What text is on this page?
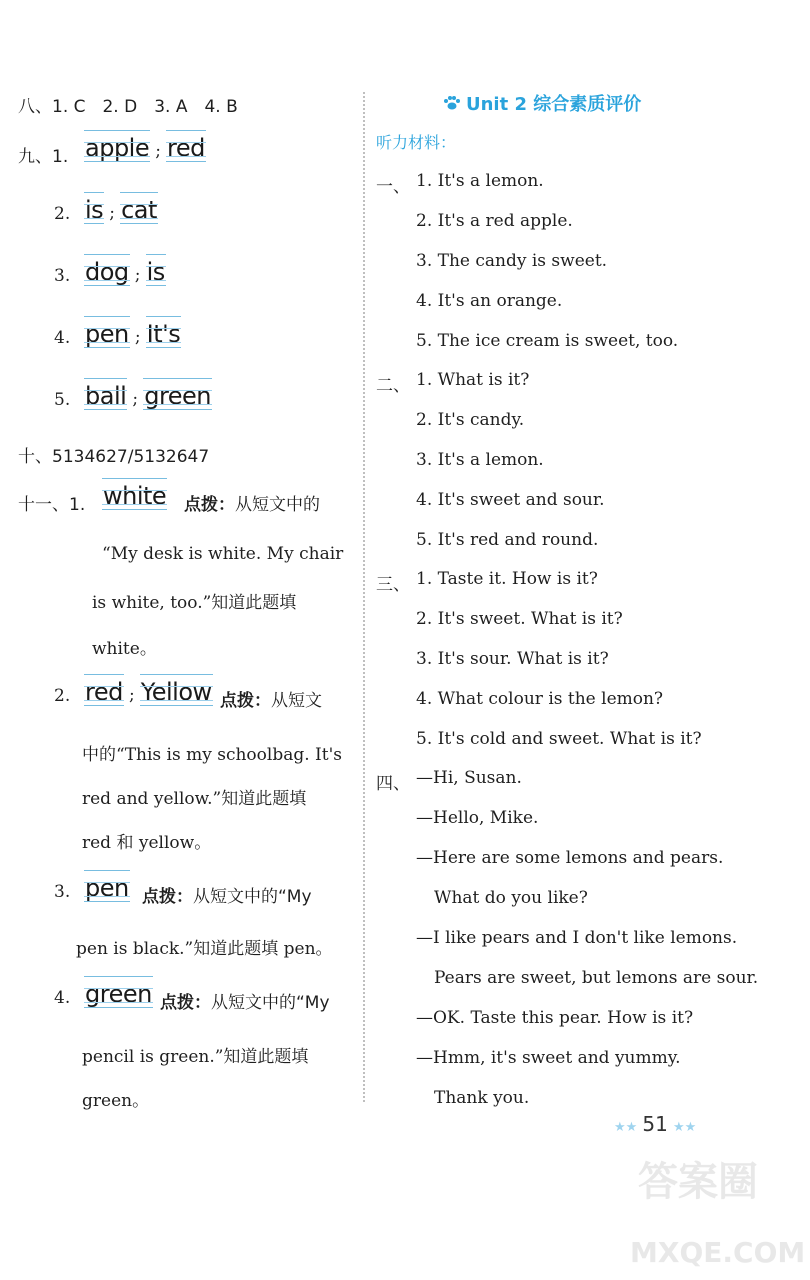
八、1. C　2. D　3. A　4. B
九、1. apple ; red
2. is ; cat
3. dog ; is
4. pen ; It's
5. ball ; green
十、5134627/5132647
十一、1. white 点拨：从短文中的
“My desk is white. My chair
is white, too.”知道此题填
white。
2. red ; Yellow 点拨：从短文
中的“This is my schoolbag. It's
red and yellow.”知道此题填
red 和 yellow。
3. pen 点拨：从短文中的“My
pen is black.”知道此题填 pen。
4. green 点拨：从短文中的“My
pencil is green.”知道此题填
green。
Unit 2 综合素质评价
听力材料：
一、 1. It's a lemon.
2. It's a red apple.
3. The candy is sweet.
4. It's an orange.
5. The ice cream is sweet, too.
二、 1. What is it?
2. It's candy.
3. It's a lemon.
4. It's sweet and sour.
5. It's red and round.
三、 1. Taste it. How is it?
2. It's sweet. What is it?
3. It's sour. What is it?
4. What colour is the lemon?
5. It's cold and sweet. What is it?
四、 —Hi, Susan.
—Hello, Mike.
—Here are some lemons and pears.
What do you like?
—I like pears and I don't like lemons.
Pears are sweet, but lemons are sour.
—OK. Taste this pear. How is it?
—Hmm, it's sweet and yummy.
Thank you.
★★ 51 ★★
答案圈
MXQE.COM
